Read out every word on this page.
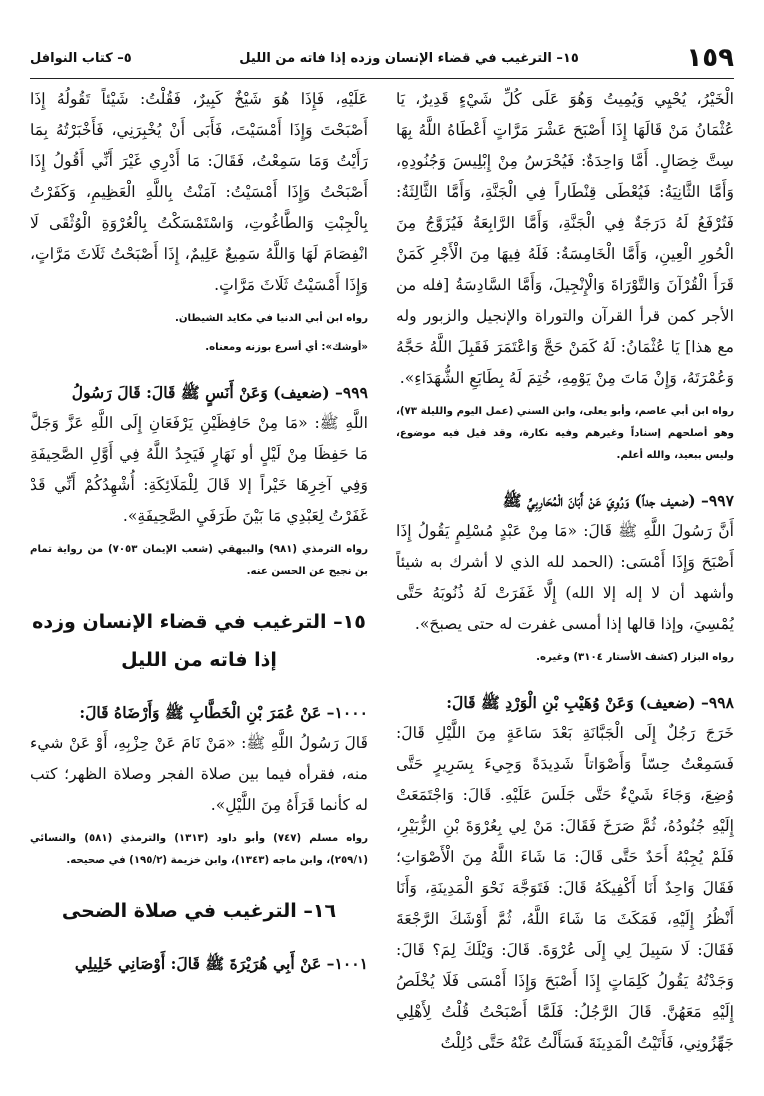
١٥٩
١٥– الترغيب في قضاء الإنسان وزده إذا فاته من الليل
٥– كتاب النوافل

الْخَيْرُ، يُحْيِي وَيُمِيتُ وَهُوَ عَلَى كُلِّ شَيْءٍ قَدِيرٌ، يَا عُثْمَانُ مَنْ قَالَهَا إِذَا أَصْبَحَ عَشْرَ مَرَّاتٍ أَعْطَاهُ اللَّهُ بِهَا سِتَّ خِصَالٍ. أَمَّا وَاحِدَةٌ: فَيُحْرَسُ مِنْ إِبْلِيسَ وَجُنُودِهِ، وَأَمَّا الثَّانِيَةُ: فَيُعْطَى قِنْطَاراً فِي الْجَنَّةِ، وَأَمَّا الثَّالِثَةُ: فَتُرْفَعُ لَهُ دَرَجَةٌ فِي الْجَنَّةِ، وَأَمَّا الرَّابِعَةُ فَيُزَوَّجُ مِنَ الْحُورِ الْعِينِ، وَأَمَّا الْخَامِسَةُ: فَلَهُ فِيهَا مِنَ الْأَجْرِ كَمَنْ قَرَأَ الْقُرْآنَ وَالتَّوْرَاةَ وَالْإِنْجِيلَ، وَأَمَّا السَّادِسَةُ [فله من الأجر كمن قرأ القرآن والتوراة والإنجيل والزبور وله مع هذا] يَا عُثْمَانُ: لَهُ كَمَنْ حَجَّ وَاعْتَمَرَ فَقَبِلَ اللَّهُ حَجَّهُ وَعُمْرَتَهُ، وَإِنْ مَاتَ مِنْ يَوْمِهِ، خُتِمَ لَهُ بِطَابَعِ الشُّهَدَاءِ».

رواه ابن أبي عاصم، وأبو يعلى، وابن السني (عمل اليوم والليلة ٧٣)، وهو أصلحهم إسناداً وغيرهم وفيه نكارة، وقد قيل فيه موضوع، وليس ببعيد، والله أعلم.

٩٩٧– (ضعيف جداً) وَرُوِيَ عَنْ أَبَانَ الْمُحَارِبِيِّ ﷺ

أَنَّ رَسُولَ اللَّهِ ﷺ قَالَ: «مَا مِنْ عَبْدٍ مُسْلِمٍ يَقُولُ إِذَا أَصْبَحَ وَإِذَا أَمْسَى: (الحمد لله الذي لا أشرك به شيئاً وأشهد أن لا إله إلا الله) إِلَّا غَفَرَتْ لَهُ ذُنُوبَهُ حَتَّى يُمْسِيَ، وإذا قالها إذا أمسى غفرت له حتى يصبحَ».

رواه البزار (كشف الأستار ٣١٠٤) وغيره.

٩٩٨– (ضعيف) وَعَنْ وُهَيْبِ بْنِ الْوَرْدِ ﷺ قَالَ:

خَرَجَ رَجُلٌ إِلَى الْجَبَّانَةِ بَعْدَ سَاعَةٍ مِنَ اللَّيْلِ قَالَ: فَسَمِعْتُ حِسّاً وَأَصْوَاتاً شَدِيدَةً وَجِيءَ بِسَرِيرٍ حَتَّى وُضِعَ، وَجَاءَ شَيْءٌ حَتَّى جَلَسَ عَلَيْهِ. قَالَ: وَاجْتَمَعَتْ إِلَيْهِ جُنُودُهُ، ثُمَّ صَرَخَ فَقَالَ: مَنْ لِي بِعُرْوَةَ بْنِ الزُّبَيْرِ، فَلَمْ يُجِبْهُ أَحَدٌ حَتَّى قَالَ: مَا شَاءَ اللَّهُ مِنَ الْأَصْوَاتِ؛ فَقَالَ وَاحِدٌ أَنَا أَكْفِيكَهُ قَالَ: فَتَوَجَّهَ نَحْوَ الْمَدِينَةِ، وَأَنَا أَنْظُرُ إِلَيْهِ، فَمَكَثَ مَا شَاءَ اللَّهُ، ثُمَّ أَوْشَكَ الرَّجْعَةَ فَقَالَ: لَا سَبِيلَ لِي إِلَى عُرْوَةَ. قَالَ: وَيْلَكَ لِمَ؟ قَالَ: وَجَدْتُهُ يَقُولُ كَلِمَاتٍ إِذَا أَصْبَحَ وَإِذَا أَمْسَى فَلَا يُخْلَصُ إِلَيْهِ مَعَهُنَّ. قَالَ الرَّجُلُ: فَلَمَّا أَصْبَحْتُ قُلْتُ لِأَهْلِي جَهِّزُونِي، فَأَتَيْتُ الْمَدِينَةَ فَسَأَلْتُ عَنْهُ حَتَّى دُلِلْتُ

عَلَيْهِ، فَإِذَا هُوَ شَيْخٌ كَبِيرٌ، فَقُلْتُ: شَيْئاً تَقُولُهُ إِذَا أَصْبَحْتَ وَإِذَا أَمْسَيْتَ، فَأَبَى أَنْ يُخْبِرَنِي، فَأَخْبَرْتُهُ بِمَا رَأَيْتُ وَمَا سَمِعْتُ، فَقَالَ: مَا أَدْرِي غَيْرَ أَنِّي أَقُولُ إِذَا أَصْبَحْتُ وَإِذَا أَمْسَيْتُ: آمَنْتُ بِاللَّهِ الْعَظِيمِ، وَكَفَرْتُ بِالْجِبْتِ وَالطَّاغُوتِ، وَاسْتَمْسَكْتُ بِالْعُرْوَةِ الْوُثْقَى لَا انْفِصَامَ لَهَا وَاللَّهُ سَمِيعٌ عَلِيمٌ، إِذَا أَصْبَحْتُ ثَلَاثَ مَرَّاتٍ، وَإِذَا أَمْسَيْتُ ثَلَاثَ مَرَّاتٍ.

رواه ابن أبي الدنيا في مكايد الشيطان.

«أوشك»: أي أسرع بوزنه ومعناه.

٩٩٩– (ضعيف) وَعَنْ أَنَسٍ ﷺ قَالَ: قَالَ رَسُولُ

اللَّهِ ﷺ: «مَا مِنْ حَافِظَيْنِ يَرْفَعَانِ إِلَى اللَّهِ عَزَّ وَجَلَّ مَا حَفِظَا مِنْ لَيْلٍ أو نَهَارٍ فَيَجِدُ اللَّهُ فِي أَوَّلِ الصَّحِيفَةِ وَفِي آخِرِهَا خَيْراً إلا قَالَ لِلْمَلَائِكَةِ: أُشْهِدُكُمْ أَنِّي قَدْ غَفَرْتُ لِعَبْدِي مَا بَيْنَ طَرَفَيِ الصَّحِيفَةِ».

رواه الترمذي (٩٨١) والبيهقي (شعب الإيمان ٧٠٥٣) من رواية تمام بن نجيح عن الحسن عنه.

١٥– الترغيب في قضاء الإنسان وزده
إذا فاته من الليل

١٠٠٠– عَنْ عُمَرَ بْنِ الْخَطَّابِ ﷺ وَأَرْضَاهُ قَالَ:

قَالَ رَسُولُ اللَّهِ ﷺ: «مَنْ نَامَ عَنْ حِزْبِهِ، أَوْ عَنْ شيء منه، فقرأه فيما بين صلاة الفجر وصلاة الظهر؛ كتب له كأنما قَرَأَهُ مِنَ اللَّيْلِ».

رواه مسلم (٧٤٧) وأبو داود (١٣١٣) والترمذي (٥٨١) والنسائي (٢٥٩/١)، وابن ماجه (١٣٤٣)، وابن خزيمة (١٩٥/٢) في صحيحه.

١٦– الترغيب في صلاة الضحى

١٠٠١– عَنْ أَبِي هُرَيْرَةَ ﷺ قَالَ: أَوْصَانِي خَلِيلِي
